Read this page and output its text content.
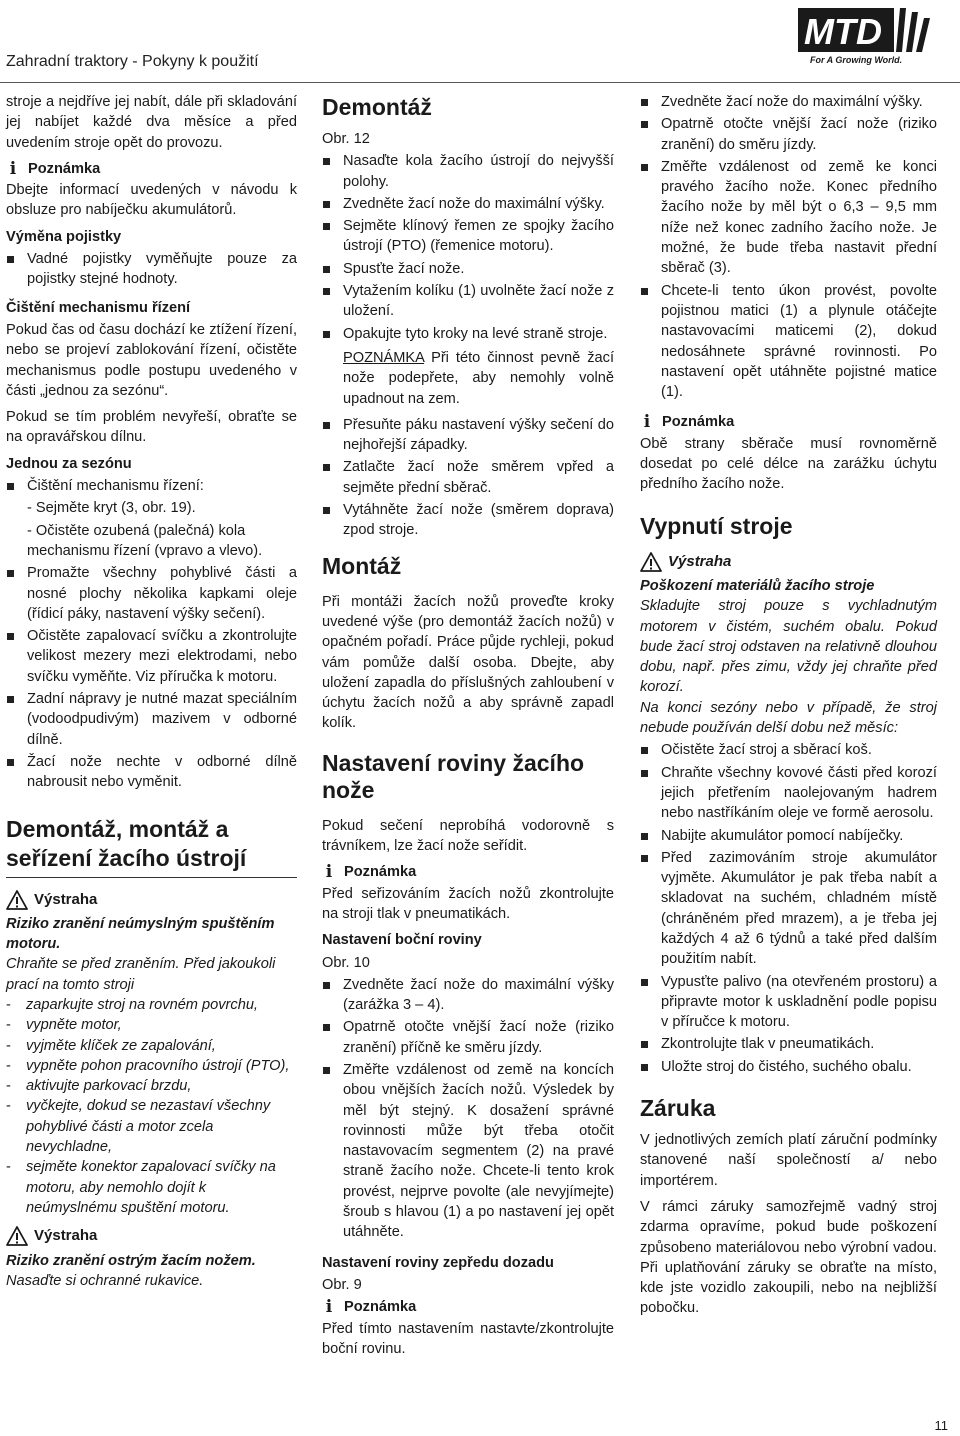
Zahradní traktory - Pokyny k použití
MTD
For A Growing World.

stroje a nejdříve jej nabít, dále při skladování jej nabíjet každé dva měsíce a před uvedením stroje opět do provozu.

i Poznámka

Dbejte informací uvedených v návodu k obsluze pro nabíječku akumulátorů.

Výměna pojistky
Vadné pojistky vyměňujte pouze za pojistky stejné hodnoty.
Čištění mechanismu řízení

Pokud čas od času dochází ke ztížení řízení, nebo se projeví zablokování řízení, očistěte mechanismus podle postupu uvedeného v části „jednou za sezónu“.

Pokud se tím problém nevyřeší, obraťte se na opravářskou dílnu.

Jednou za sezónu
Čištění mechanismu řízení:
- Sejměte kryt (3, obr. 19).
- Očistěte ozubená (palečná) kola mechanismu řízení (vpravo a vlevo).
Promažte všechny pohyblivé části a nosné plochy několika kapkami oleje (řídicí páky, nastavení výšky sečení).
Očistěte zapalovací svíčku a zkontrolujte velikost mezery mezi elektrodami, nebo svíčku vyměňte. Viz příručka k motoru.
Zadní nápravy je nutné mazat speciálním (vodoodpudivým) mazivem v odborné dílně.
Žací nože nechte v odborné dílně nabrousit nebo vyměnit.
Demontáž, montáž a seřízení žacího ústrojí
Výstraha

Riziko zranění neúmyslným spuštěním motoru.

Chraňte se před zraněním. Před jakoukoli prací na tomto stroji

- zaparkujte stroj na rovném povrchu,
- vypněte motor,
- vyjměte klíček ze zapalování,
- vypněte pohon pracovního ústrojí (PTO),
- aktivujte parkovací brzdu,
- vyčkejte, dokud se nezastaví všechny pohyblivé části a motor zcela nevychladne,
- sejměte konektor zapalovací svíčky na motoru, aby nemohlo dojít k neúmyslnému spuštění motoru.
Výstraha

Riziko zranění ostrým žacím nožem.

Nasaďte si ochranné rukavice.

Demontáž

Obr. 12

Nasaďte kola žacího ústrojí do nejvyšší polohy.
Zvedněte žací nože do maximální výšky.
Sejměte klínový řemen ze spojky žacího ústrojí (PTO) (řemenice motoru).
Spusťte žací nože.
Vytažením kolíku (1) uvolněte žací nože z uložení.
Opakujte tyto kroky na levé straně stroje.

POZNÁMKA Při této činnost pevně žací nože podepřete, aby nemohly volně upadnout na zem.

Přesuňte páku nastavení výšky sečení do nejhořejší západky.
Zatlačte žací nože směrem vpřed a sejměte přední sběrač.
Vytáhněte žací nože (směrem doprava) zpod stroje.
Montáž

Při montáži žacích nožů proveďte kroky uvedené výše (pro demontáž žacích nožů) v opačném pořadí. Práce půjde rychleji, pokud vám pomůže další osoba. Dbejte, aby uložení zapadla do příslušných zahloubení v úchytu žacích nožů a aby správně zapadl kolík.

Nastavení roviny žacího nože

Pokud sečení neprobíhá vodorovně s trávníkem, lze žací nože seřídit.

i Poznámka

Před seřizováním žacích nožů zkontrolujte na stroji tlak v pneumatikách.

Nastavení boční roviny

Obr. 10

Zvedněte žací nože do maximální výšky (zarážka 3 – 4).
Opatrně otočte vnější žací nože (riziko zranění) příčně ke směru jízdy.
Změřte vzdálenost od země na koncích obou vnějších žacích nožů. Výsledek by měl být stejný. K dosažení správné rovinnosti může být třeba otočit nastavovacím segmentem (2) na pravé straně žacího nože. Chcete-li tento krok provést, nejprve povolte (ale nevyjímejte) šroub s hlavou (1) a po nastavení jej opět utáhněte.
Nastavení roviny zepředu dozadu

Obr. 9

i Poznámka

Před tímto nastavením nastavte/zkontrolujte boční rovinu.

Zvedněte žací nože do maximální výšky.
Opatrně otočte vnější žací nože (riziko zranění) do směru jízdy.
Změřte vzdálenost od země ke konci pravého žacího nože. Konec předního žacího nože by měl být o 6,3 – 9,5 mm níže než konec zadního žacího nože. Je možné, že bude třeba nastavit přední sběrač (3).
Chcete-li tento úkon provést, povolte pojistnou matici (1) a plynule otáčejte nastavovacími maticemi (2), dokud nedosáhnete správné rovinnosti. Po nastavení opět utáhněte pojistné matice (1).
i Poznámka

Obě strany sběrače musí rovnoměrně dosedat po celé délce na zarážku úchytu předního žacího nože.

Vypnutí stroje
Výstraha

Poškození materiálů žacího stroje

Skladujte stroj pouze s vychladnutým motorem v čistém, suchém obalu. Pokud bude žací stroj odstaven na relativně dlouhou dobu, např. přes zimu, vždy jej chraňte před korozí.

Na konci sezóny nebo v případě, že stroj nebude používán delší dobu než měsíc:

Očistěte žací stroj a sběrací koš.
Chraňte všechny kovové části před korozí jejich přetřením naolejovaným hadrem nebo nastříkáním oleje ve formě aerosolu.
Nabijte akumulátor pomocí nabíječky.
Před zazimováním stroje akumulátor vyjměte. Akumulátor je pak třeba nabít a skladovat na suchém, chladném místě (chráněném před mrazem), a je třeba jej každých 4 až 6 týdnů a také před dalším použitím nabít.
Vypusťte palivo (na otevřeném prostoru) a připravte motor k uskladnění podle popisu v příručce k motoru.
Zkontrolujte tlak v pneumatikách.
Uložte stroj do čistého, suchého obalu.
Záruka

V jednotlivých zemích platí záruční podmínky stanovené naší společností a/ nebo importérem.

V rámci záruky samozřejmě vadný stroj zdarma opravíme, pokud bude poškození způsobeno materiálovou nebo výrobní vadou. Při uplatňování záruky se obraťte na místo, kde jste vozidlo zakoupili, nebo na nejbližší pobočku.

11
